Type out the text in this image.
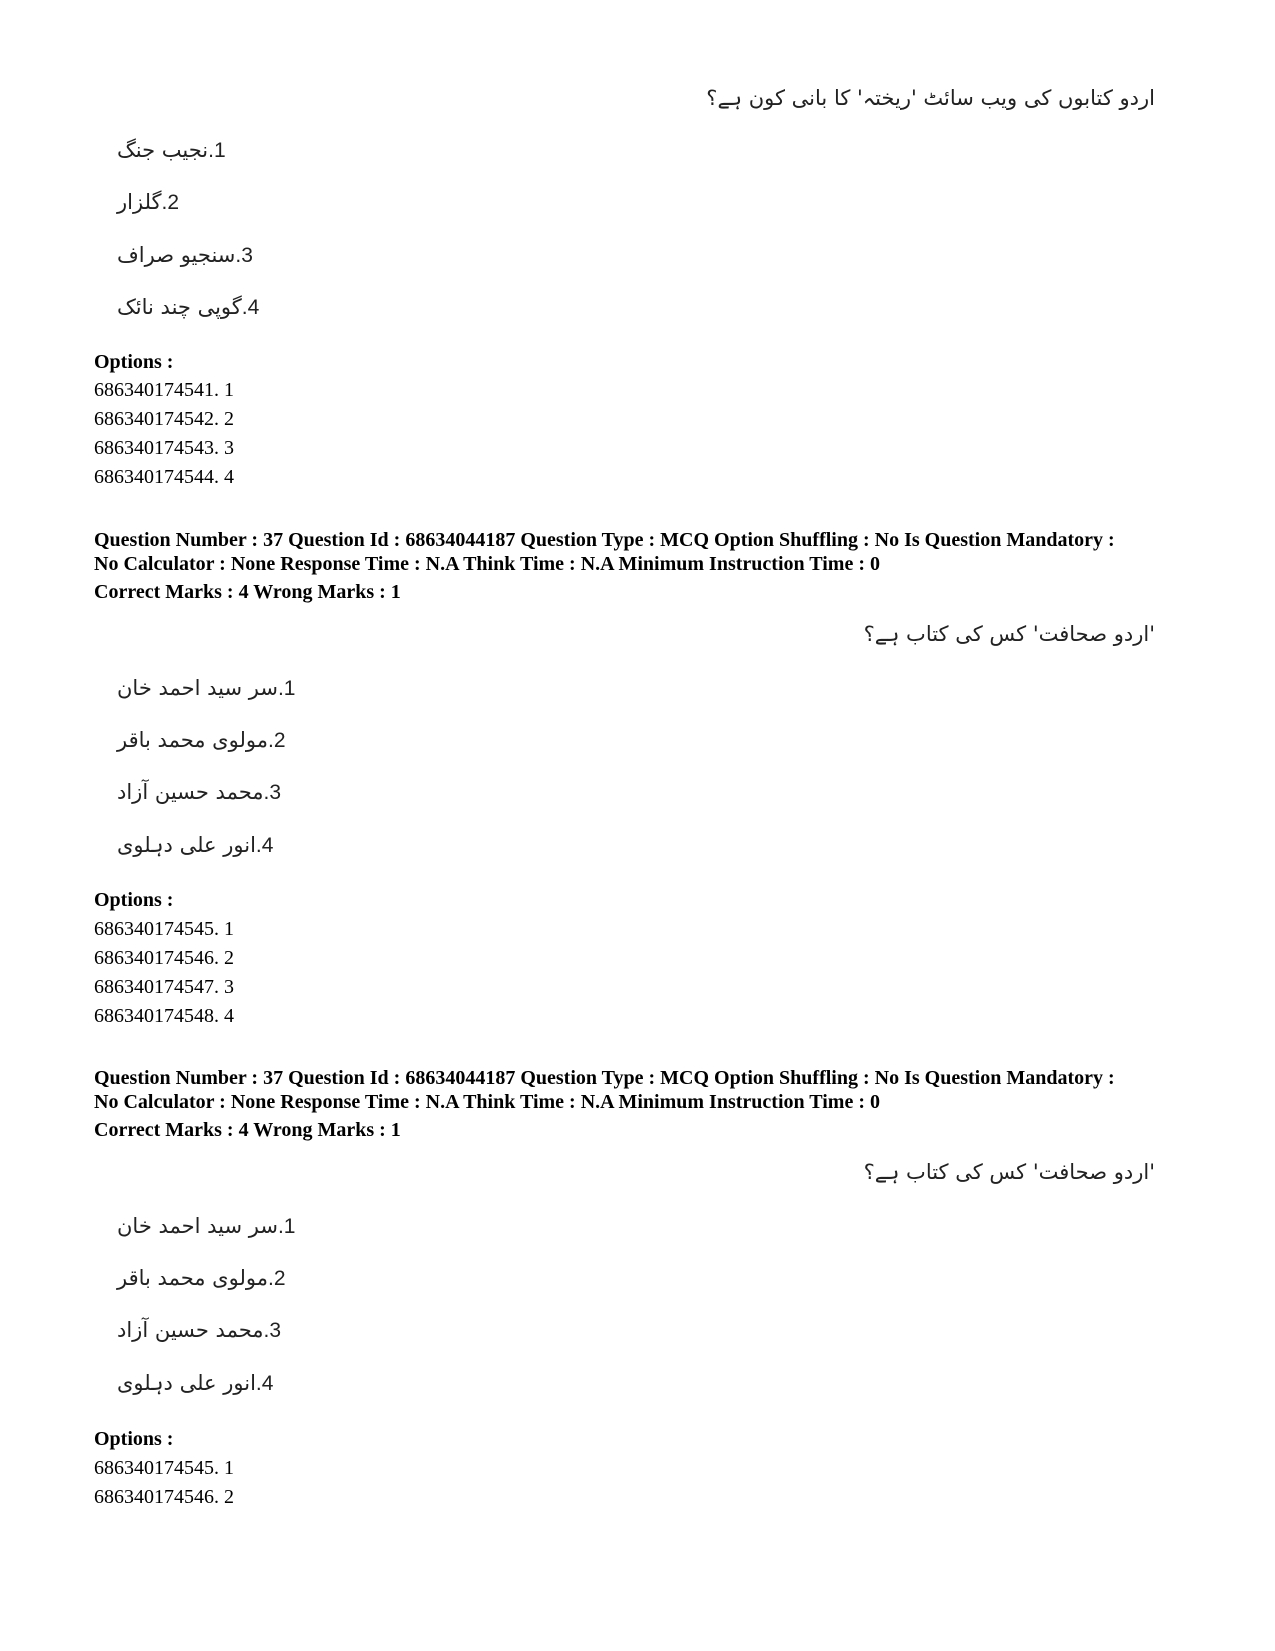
اردو کتابوں کی ویب سائٹ 'ریختہ' کا بانی کون ہے؟
1.نجیب جنگ
2.گلزار
3.سنجیو صراف
4.گوپی چند نائک
Options :
686340174541. 1
686340174542. 2
686340174543. 3
686340174544. 4
Question Number : 37 Question Id : 68634044187 Question Type : MCQ Option Shuffling : No Is Question Mandatory :
No Calculator : None Response Time : N.A Think Time : N.A Minimum Instruction Time : 0
Correct Marks : 4 Wrong Marks : 1
'اردو صحافت' کس کی کتاب ہے؟
1.سر سید احمد خان
2.مولوی محمد باقر
3.محمد حسین آزاد
4.انور علی دہلوی
Options :
686340174545. 1
686340174546. 2
686340174547. 3
686340174548. 4
Question Number : 37 Question Id : 68634044187 Question Type : MCQ Option Shuffling : No Is Question Mandatory :
No Calculator : None Response Time : N.A Think Time : N.A Minimum Instruction Time : 0
Correct Marks : 4 Wrong Marks : 1
'اردو صحافت' کس کی کتاب ہے؟
1.سر سید احمد خان
2.مولوی محمد باقر
3.محمد حسین آزاد
4.انور علی دہلوی
Options :
686340174545. 1
686340174546. 2
